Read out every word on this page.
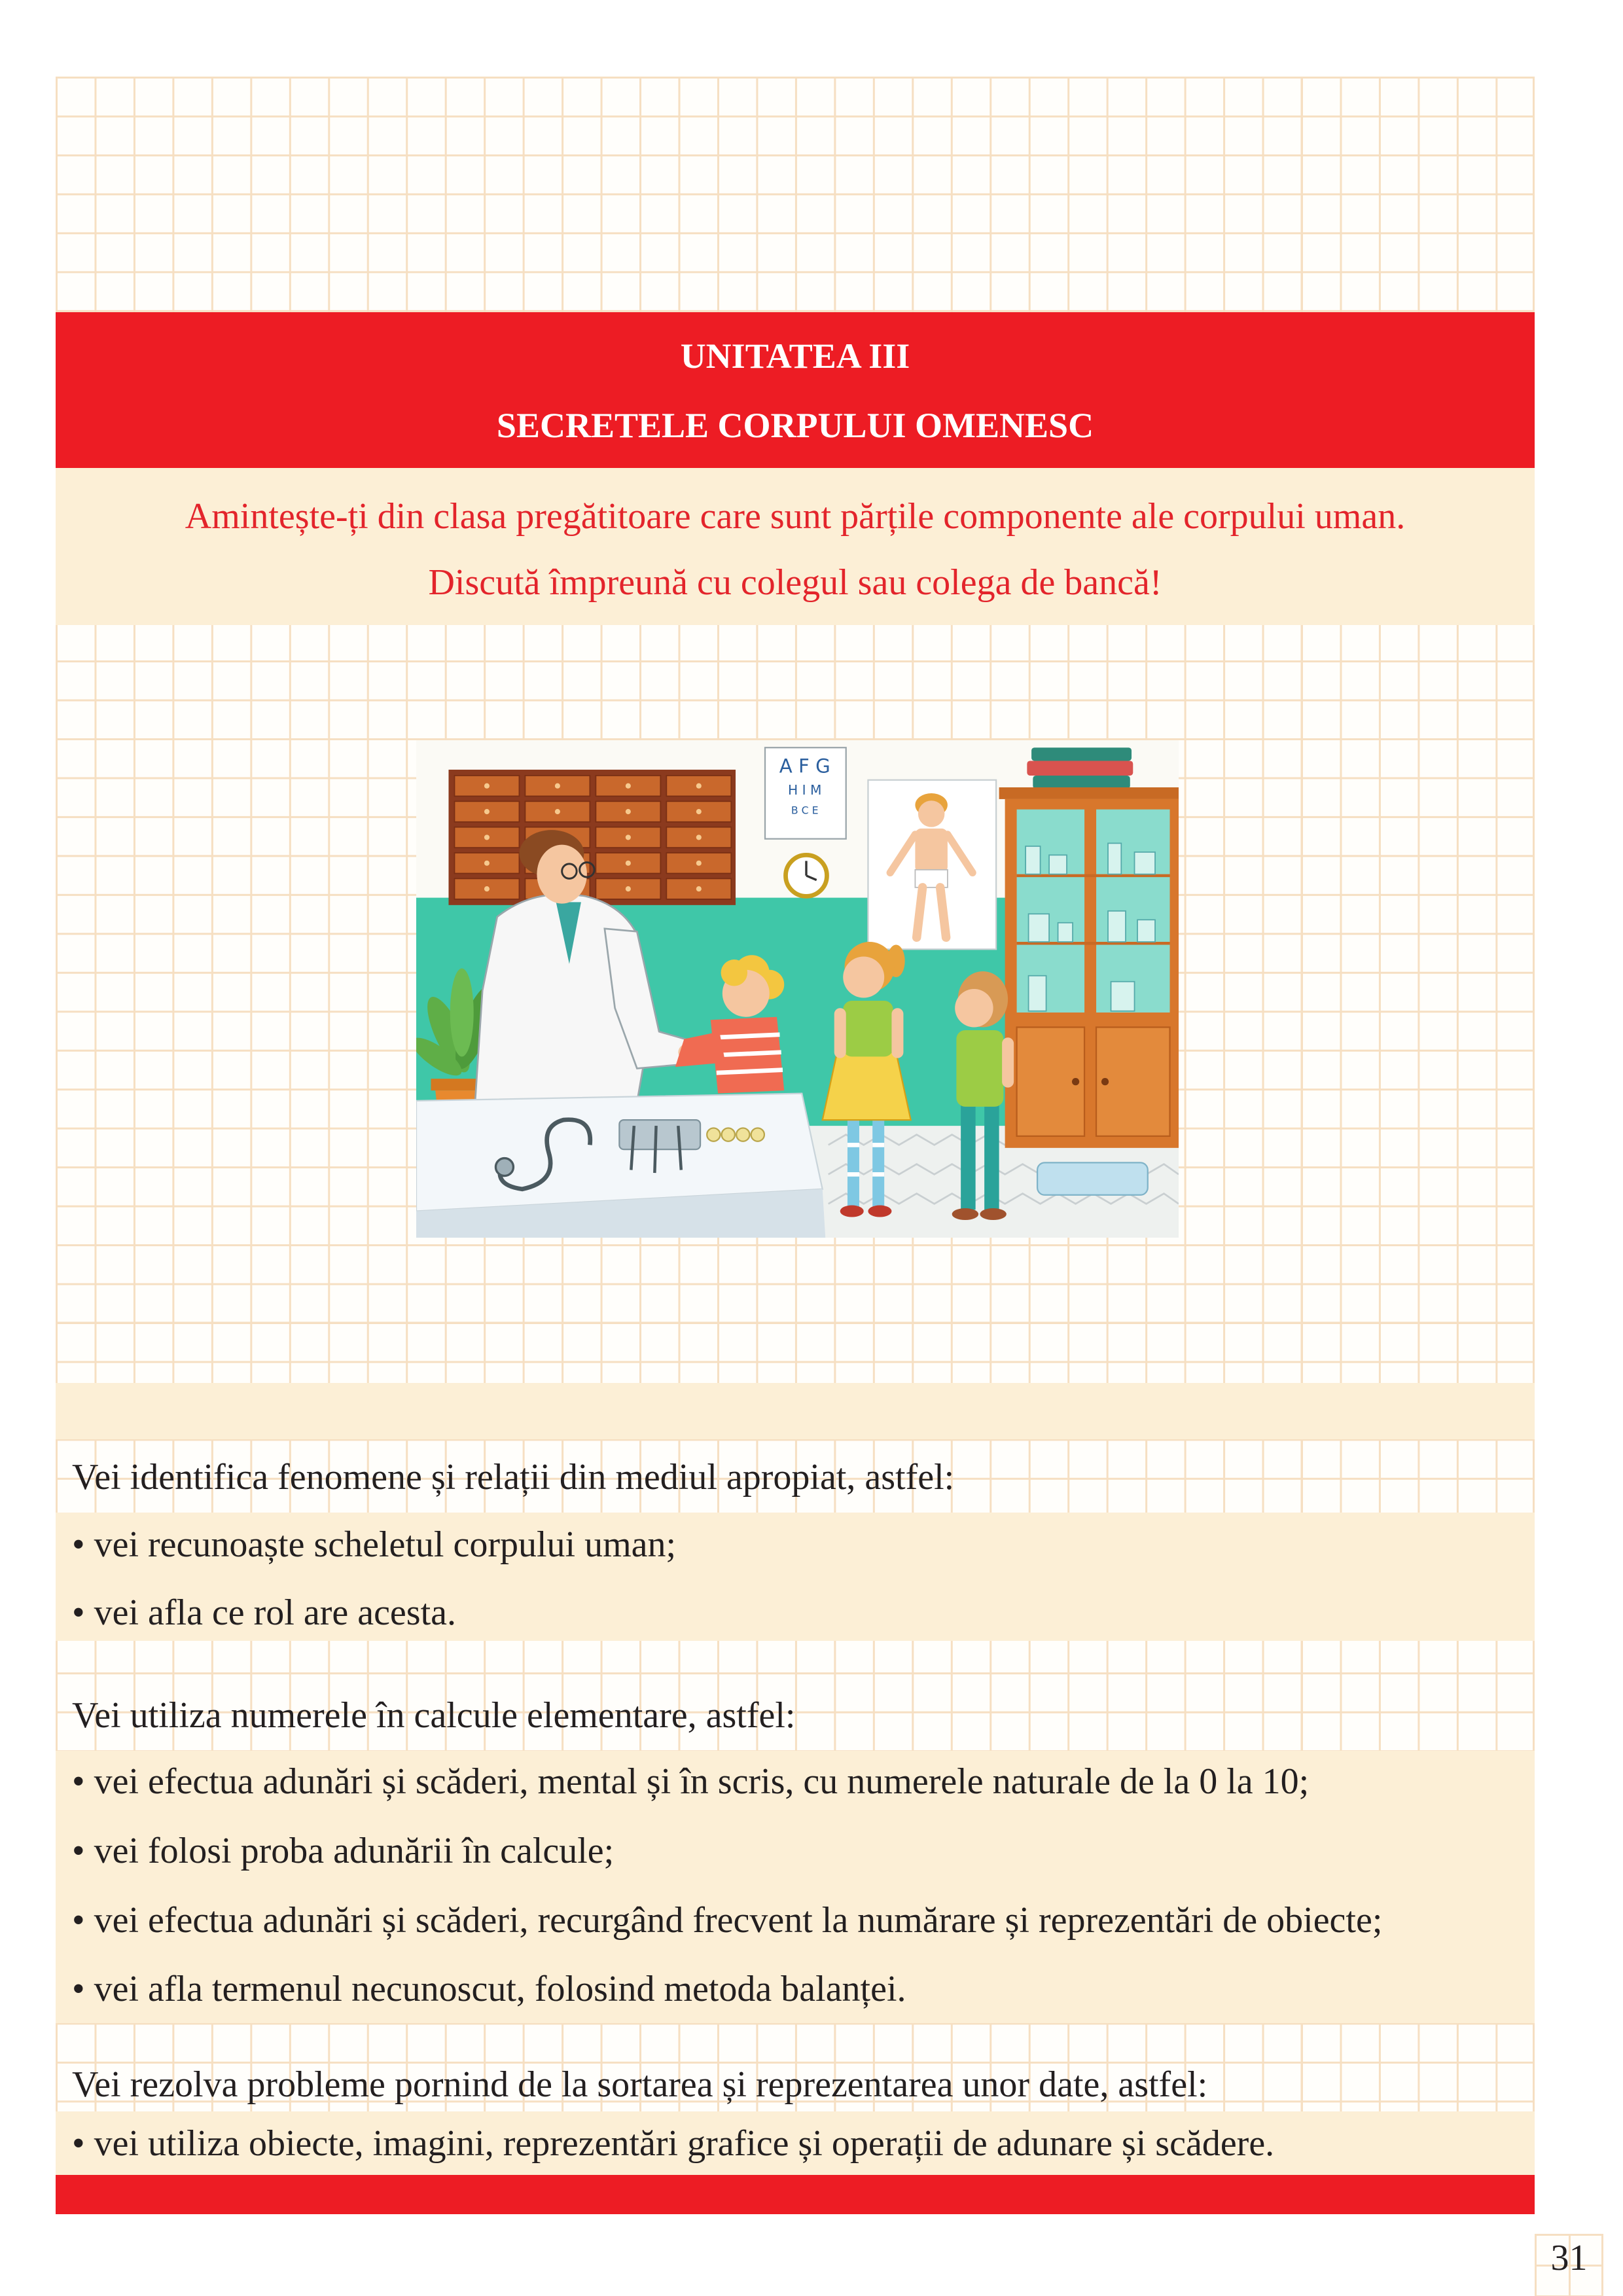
UNITATEA III
SECRETELE CORPULUI OMENESC
Amintește-ți din clasa pregătitoare care sunt părțile componente ale corpului uman.
Discută împreună cu colegul sau colega de bancă!
A F G
H I M
B C E
Vei identifica fenomene și relații din mediul apropiat, astfel:
• vei recunoaște scheletul corpului uman;
• vei afla ce rol are acesta.
Vei utiliza numerele în calcule elementare, astfel:
• vei efectua adunări și scăderi, mental și în scris, cu numerele naturale de la 0 la 10;
• vei folosi proba adunării în calcule;
• vei efectua adunări și scăderi, recurgând frecvent la numărare și reprezentări de obiecte;
• vei afla termenul necunoscut, folosind metoda balanței.
Vei rezolva probleme pornind de la sortarea și reprezentarea unor date, astfel:
• vei utiliza obiecte, imagini, reprezentări grafice și operații de adunare și scădere.
31
